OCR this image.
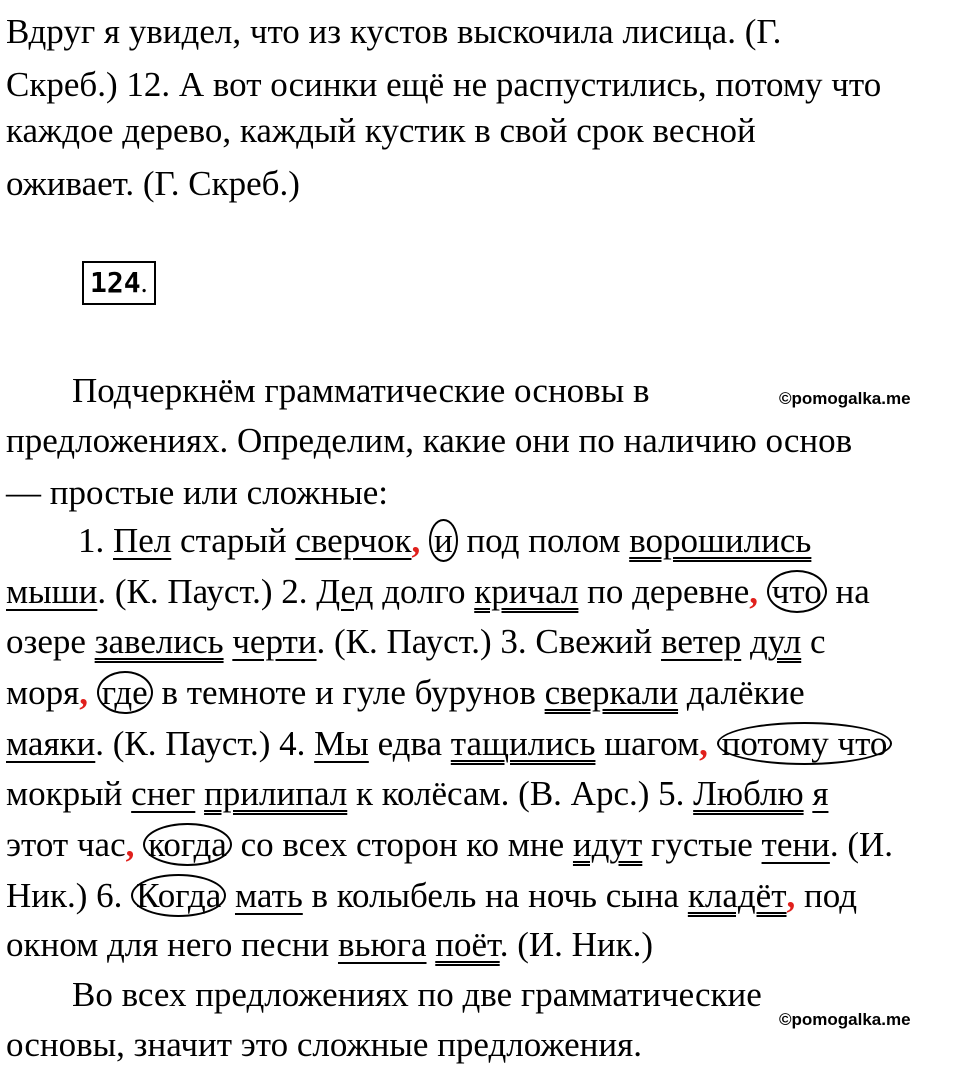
Вдруг я увидел, что из кустов выскочила лисица. (Г.
Скреб.) 12. А вот осинки ещё не распустились, потому что
каждое дерево, каждый кустик в свой срок весной
оживает. (Г. Скреб.)
124.
Подчеркнём грамматические основы в	©pomogalka.me
предложениях. Определим, какие они по наличию основ
— простые или сложные:
1. Пел старый сверчок, и под полом ворошились
мыши. (К. Пауст.) 2. Дед долго кричал по деревне, что на
озере завелись черти. (К. Пауст.) 3. Свежий ветер дул с
моря, где в темноте и гуле бурунов сверкали далёкие
маяки. (К. Пауст.) 4. Мы едва тащились шагом, потому что
мокрый снег прилипал к колёсам. (В. Арс.) 5. Люблю я
этот час, когда со всех сторон ко мне идут густые тени. (И.
Ник.) 6. Когда мать в колыбель на ночь сына кладёт, под
окном для него песни вьюга поёт. (И. Ник.)
Во всех предложениях по две грамматические
основы, значит это сложные предложения.
©pomogalka.me
